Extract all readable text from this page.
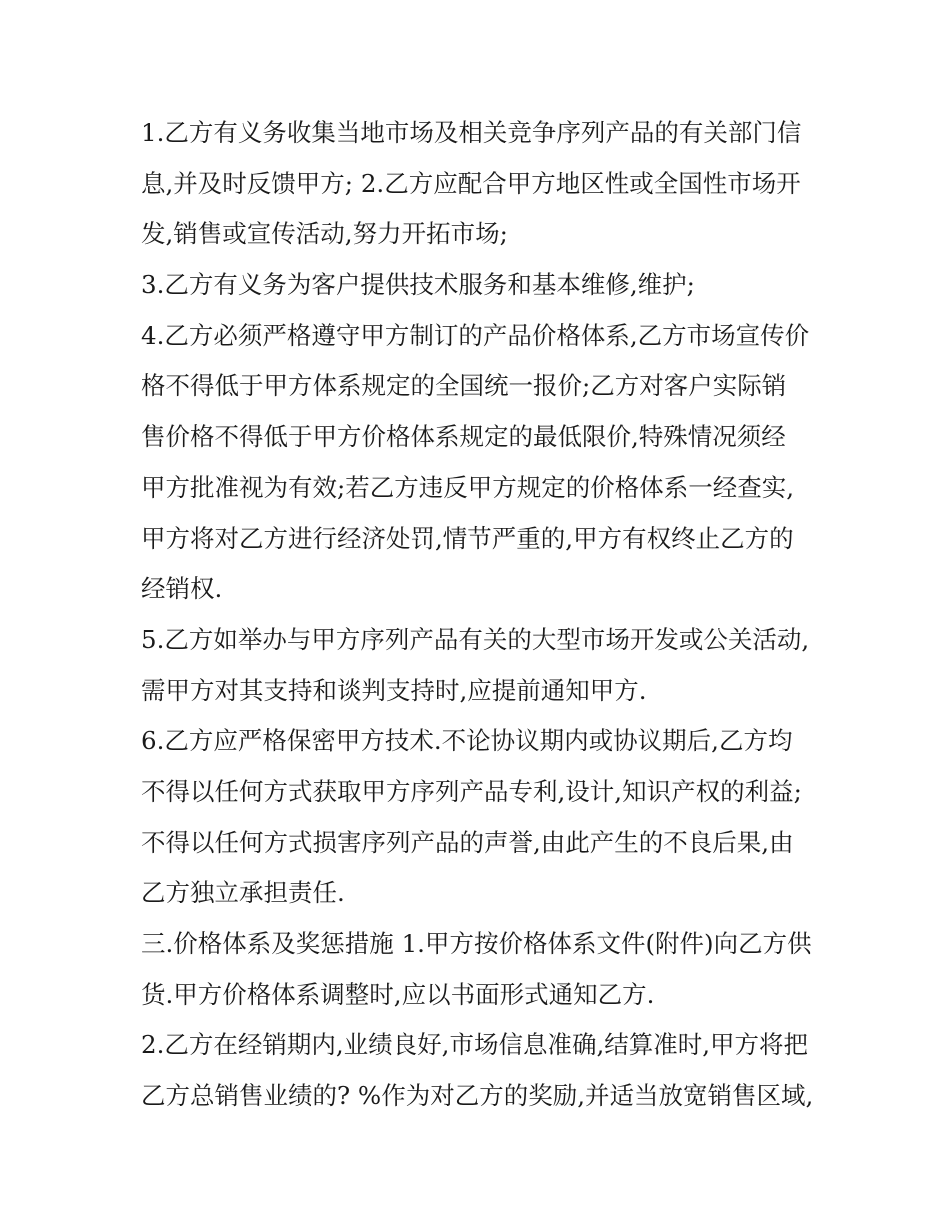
1.乙方有义务收集当地市场及相关竞争序列产品的有关部门信
息,并及时反馈甲方; 2.乙方应配合甲方地区性或全国性市场开
发,销售或宣传活动,努力开拓市场;
3.乙方有义务为客户提供技术服务和基本维修,维护;
4.乙方必须严格遵守甲方制订的产品价格体系,乙方市场宣传价
格不得低于甲方体系规定的全国统一报价;乙方对客户实际销
售价格不得低于甲方价格体系规定的最低限价,特殊情况须经
甲方批准视为有效;若乙方违反甲方规定的价格体系一经查实,
甲方将对乙方进行经济处罚,情节严重的,甲方有权终止乙方的
经销权.
5.乙方如举办与甲方序列产品有关的大型市场开发或公关活动,
需甲方对其支持和谈判支持时,应提前通知甲方.
6.乙方应严格保密甲方技术.不论协议期内或协议期后,乙方均
不得以任何方式获取甲方序列产品专利,设计,知识产权的利益;
不得以任何方式损害序列产品的声誉,由此产生的不良后果,由
乙方独立承担责任.
三.价格体系及奖惩措施 1.甲方按价格体系文件(附件)向乙方供
货.甲方价格体系调整时,应以书面形式通知乙方.
2.乙方在经销期内,业绩良好,市场信息准确,结算准时,甲方将把
乙方总销售业绩的? %作为对乙方的奖励,并适当放宽销售区域,
